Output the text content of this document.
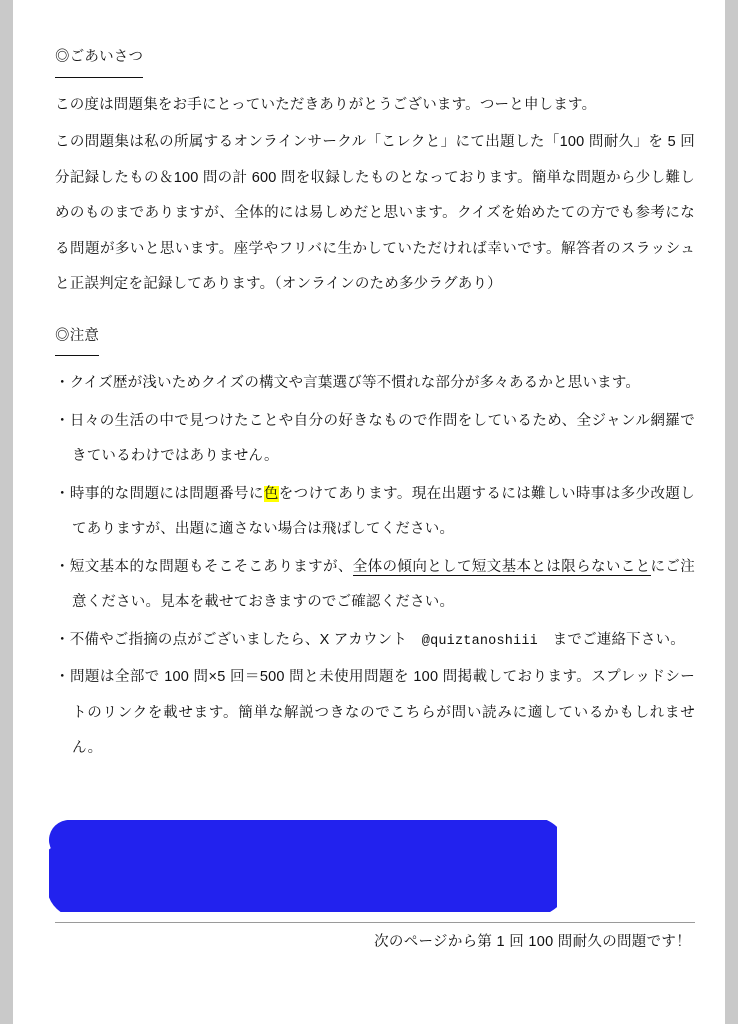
◎ごあいさつ

この度は問題集をお手にとっていただきありがとうございます。つーと申します。

この問題集は私の所属するオンラインサークル「こレクと」にて出題した「100 問耐久」を 5 回分記録したもの＆100 問の計 600 問を収録したものとなっております。簡単な問題から少し難しめのものまでありますが、全体的には易しめだと思います。クイズを始めたての方でも参考になる問題が多いと思います。座学やフリバに生かしていただければ幸いです。解答者のスラッシュと正誤判定を記録してあります。（オンラインのため多少ラグあり）

◎注意
・クイズ歴が浅いためクイズの構文や言葉選び等不慣れな部分が多々あるかと思います。
・日々の生活の中で見つけたことや自分の好きなもので作問をしているため、全ジャンル網羅できているわけではありません。
・時事的な問題には問題番号に色をつけてあります。現在出題するには難しい時事は多少改題してありますが、出題に適さない場合は飛ばしてください。
・短文基本的な問題もそこそこありますが、全体の傾向として短文基本とは限らないことにご注意ください。見本を載せておきますのでご確認ください。
・不備やご指摘の点がございましたら、X アカウント　@quiztanoshiii　までご連絡下さい。
・問題は全部で 100 問×5 回＝500 問と未使用問題を 100 問掲載しております。スプレッドシートのリンクを載せます。簡単な解説つきなのでこちらが問い読みに適しているかもしれません。
次のページから第 1 回 100 問耐久の問題です！
